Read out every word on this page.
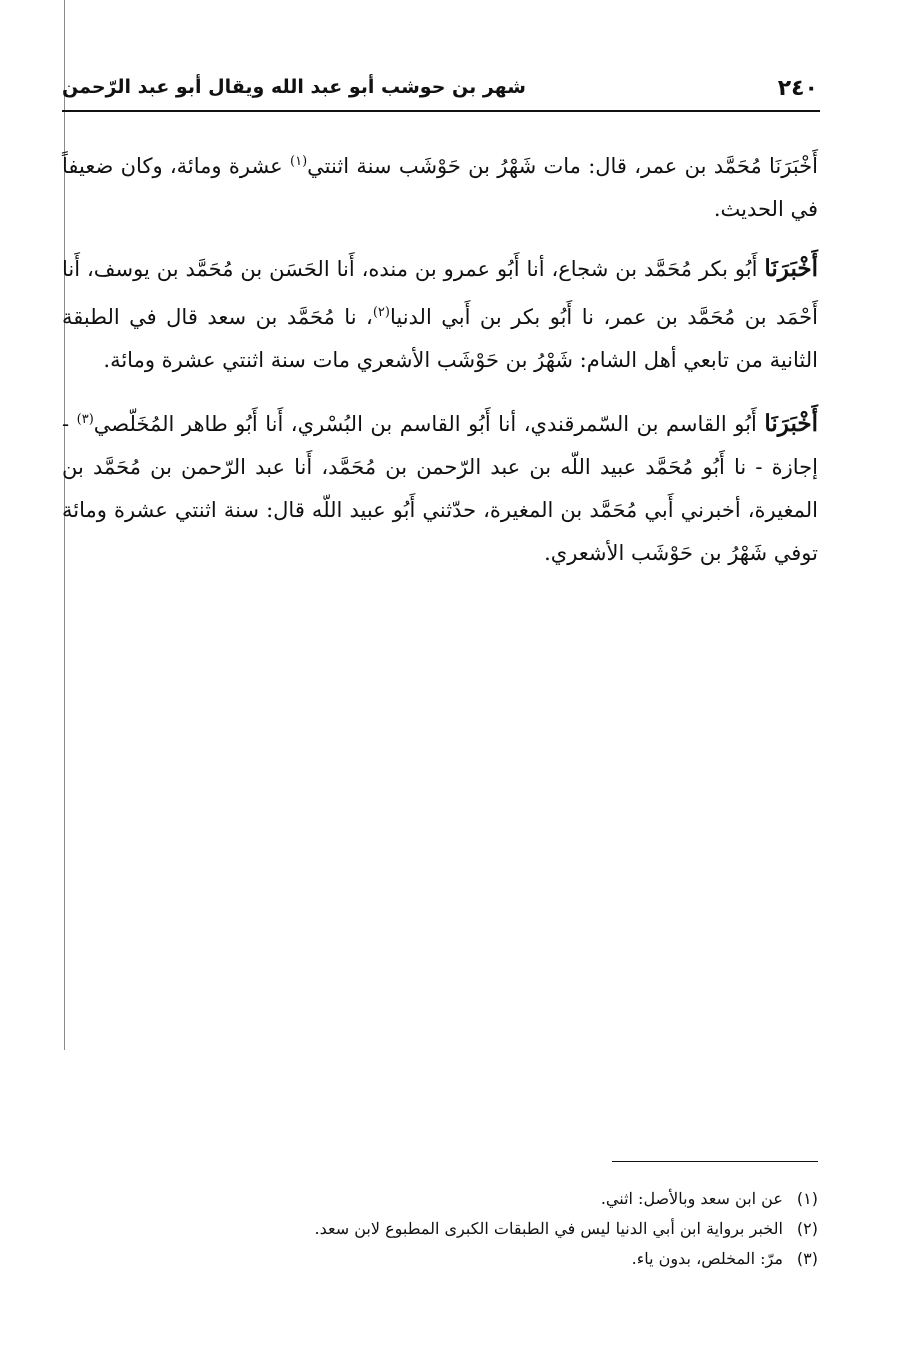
٢٤٠
شهر بن حوشب أبو عبد الله ويقال أبو عبد الرّحمن

أَخْبَرَنَا مُحَمَّد بن عمر، قال: مات شَهْرُ بن حَوْشَب سنة اثنتي$^{(١)}$ عشرة ومائة، وكان ضعيفاً في الحديث.

أَخْبَرَنَا أَبُو بكر مُحَمَّد بن شجاع، أنا أَبُو عمرو بن منده، أَنا الحَسَن بن مُحَمَّد بن يوسف، أَنا أَحْمَد بن مُحَمَّد بن عمر، نا أَبُو بكر بن أَبي الدنيا$^{(٢)}$، نا مُحَمَّد بن سعد قال في الطبقة الثانية من تابعي أهل الشام: شَهْرُ بن حَوْشَب الأشعري مات سنة اثنتي عشرة ومائة.

أَخْبَرَنَا أَبُو القاسم بن السّمرقندي، أنا أَبُو القاسم بن البُسْري، أَنا أَبُو طاهر المُخَلّصي$^{(٣)}$ - إجازة - نا أَبُو مُحَمَّد عبيد اللّه بن عبد الرّحمن بن مُحَمَّد، أَنا عبد الرّحمن بن مُحَمَّد بن المغيرة، أخبرني أَبي مُحَمَّد بن المغيرة، حدّثني أَبُو عبيد اللّه قال: سنة اثنتي عشرة ومائة توفي شَهْرُ بن حَوْشَب الأشعري.

(١) عن ابن سعد وبالأصل: اثني.
(٢) الخبر برواية ابن أبي الدنيا ليس في الطبقات الكبرى المطبوع لابن سعد.
(٣) مرّ: المخلص، بدون ياء.
